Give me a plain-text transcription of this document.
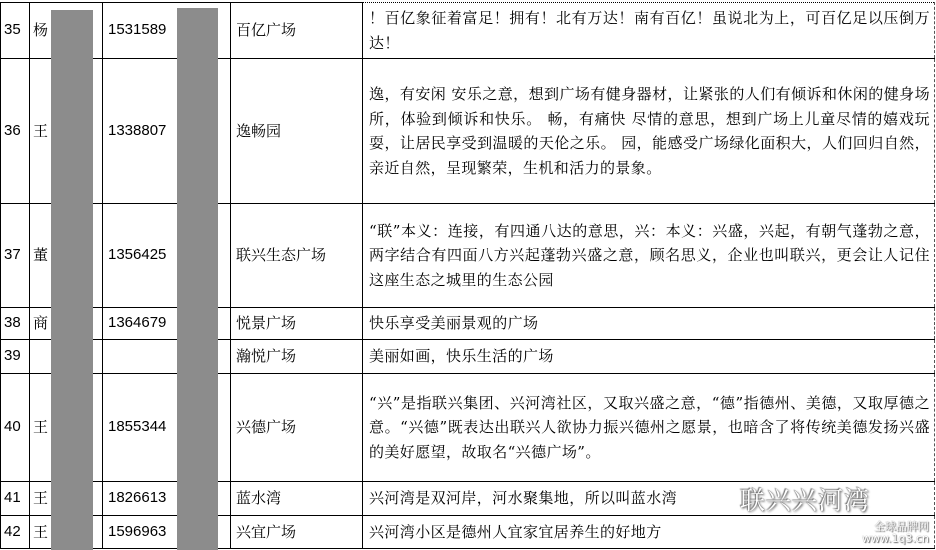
35	杨	1531589	百亿广场	！百亿象征着富足！拥有！北有万达！南有百亿！虽说北为上，可百亿足以压倒万达！
36	王	1338807	逸畅园	逸，有安闲 安乐之意，想到广场有健身器材，让紧张的人们有倾诉和休闲的健身场所，体验到倾诉和快乐。 畅，有痛快 尽情的意思，想到广场上儿童尽情的嬉戏玩耍，让居民享受到温暖的天伦之乐。 园，能感受广场绿化面积大，人们回归自然，亲近自然，呈现繁荣，生机和活力的景象。
37	董	1356425	联兴生态广场	“联”本义：连接，有四通八达的意思，兴：本义：兴盛，兴起，有朝气蓬勃之意，两字结合有四面八方兴起蓬勃兴盛之意，顾名思义，企业也叫联兴，更会让人记住这座生态之城里的生态公园
38	商	1364679	悦景广场	快乐享受美丽景观的广场
39			瀚悦广场	美丽如画，快乐生活的广场
40	王	1855344	兴德广场	“兴”是指联兴集团、兴河湾社区，又取兴盛之意，“德”指德州、美德，又取厚德之意。“兴德”既表达出联兴人欲协力振兴德州之愿景，也暗含了将传统美德发扬兴盛的美好愿望，故取名“兴德广场”。
41	王	1826613	蓝水湾	兴河湾是双河岸，河水聚集地，所以叫蓝水湾
42	王	1596963	兴宜广场	兴河湾小区是德州人宜家宜居养生的好地方
联兴兴河湾
全球品牌网
www.1q3.cn
